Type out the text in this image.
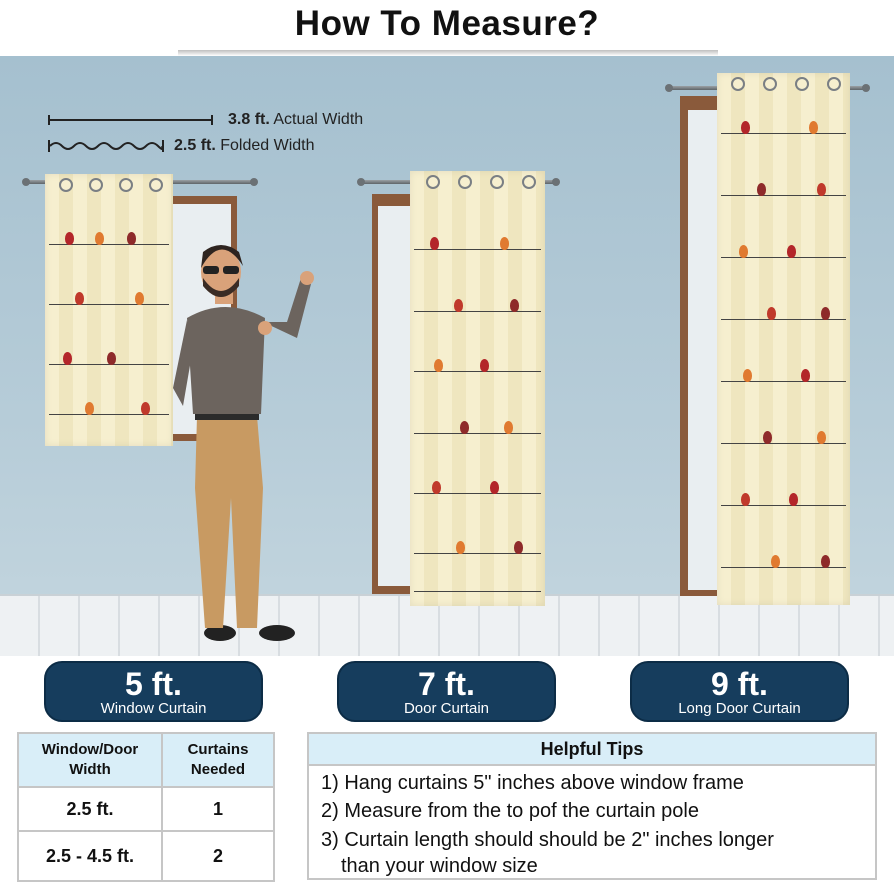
How To Measure?
3.8 ft. Actual Width
2.5 ft. Folded Width
5 ft.
Window Curtain
7 ft.
Door Curtain
9 ft.
Long Door Curtain
Window/Door Width	Curtains Needed
2.5 ft.	1
2.5 - 4.5 ft.	2
Helpful Tips
1) Hang curtains 5" inches above window frame
2) Measure from the to pof the curtain pole
3) Curtain length should should be 2" inches longer
than your window size
